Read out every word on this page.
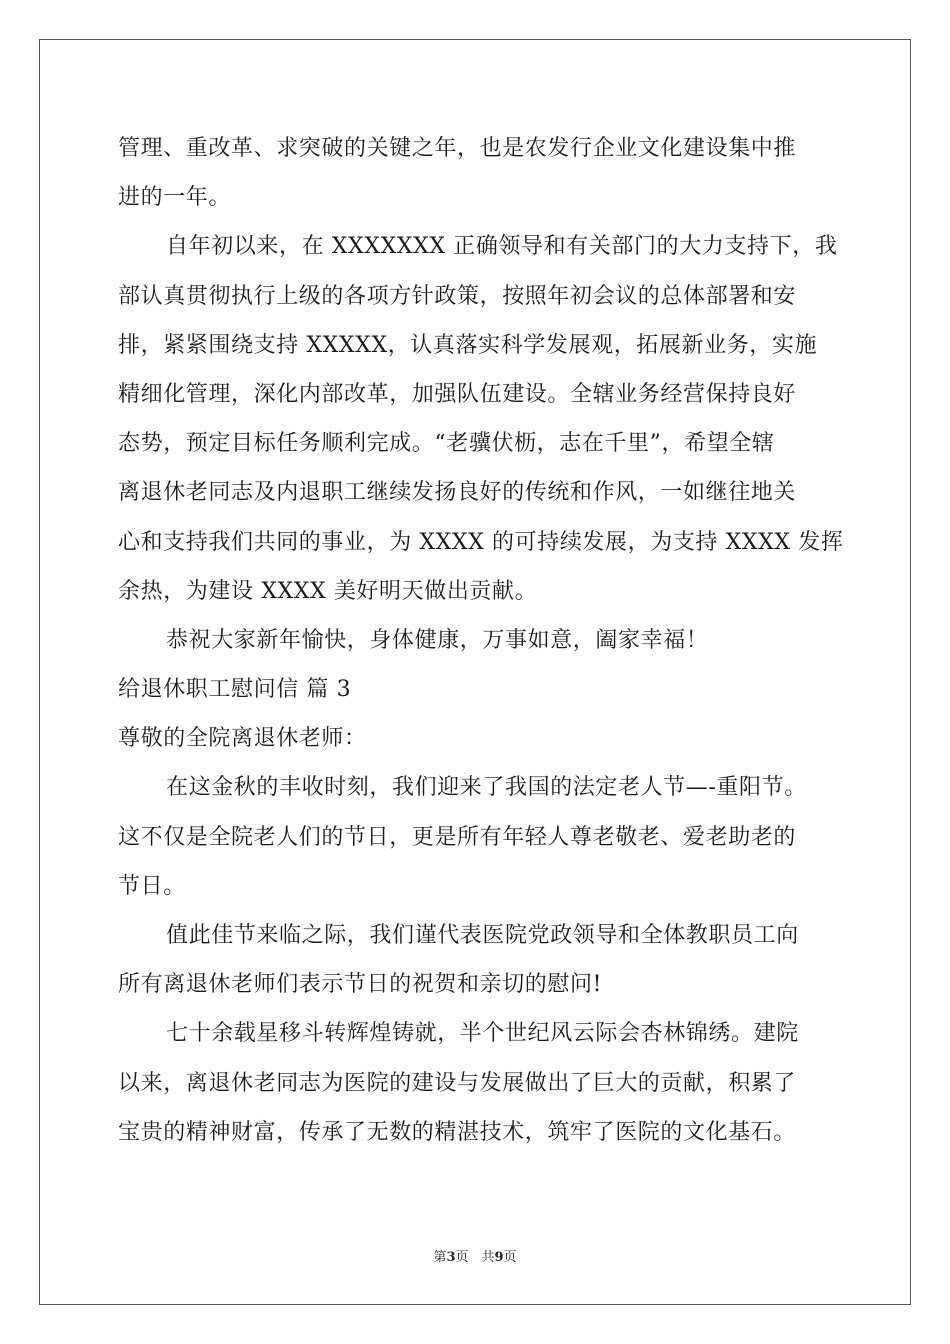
管理、重改革、求突破的关键之年，也是农发行企业文化建设集中推
进的一年。
自年初以来，在 XXXXXXX 正确领导和有关部门的大力支持下，我
部认真贯彻执行上级的各项方针政策，按照年初会议的总体部署和安
排，紧紧围绕支持 XXXXX，认真落实科学发展观，拓展新业务，实施
精细化管理，深化内部改革，加强队伍建设。全辖业务经营保持良好
态势，预定目标任务顺利完成。“老骥伏枥，志在千里”，希望全辖
离退休老同志及内退职工继续发扬良好的传统和作风，一如继往地关
心和支持我们共同的事业，为 XXXX 的可持续发展，为支持 XXXX 发挥
余热，为建设 XXXX 美好明天做出贡献。
恭祝大家新年愉快，身体健康，万事如意，阖家幸福！
给退休职工慰问信 篇 3
尊敬的全院离退休老师：
在这金秋的丰收时刻，我们迎来了我国的法定老人节—-重阳节。
这不仅是全院老人们的节日，更是所有年轻人尊老敬老、爱老助老的
节日。
值此佳节来临之际，我们谨代表医院党政领导和全体教职员工向
所有离退休老师们表示节日的祝贺和亲切的慰问!
七十余载星移斗转辉煌铸就，半个世纪风云际会杏林锦绣。建院
以来，离退休老同志为医院的建设与发展做出了巨大的贡献，积累了
宝贵的精神财富，传承了无数的精湛技术，筑牢了医院的文化基石。
第3页　共9页
